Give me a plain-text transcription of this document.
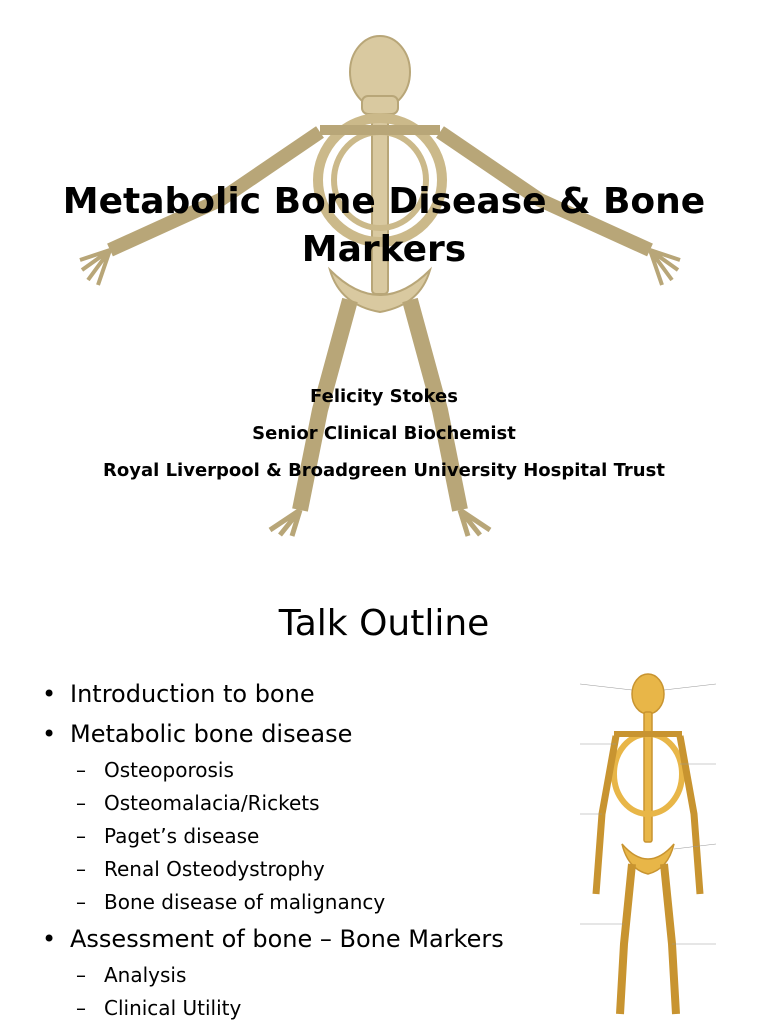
Metabolic Bone Disease & Bone
Markers
Felicity Stokes
Senior Clinical Biochemist
Royal Liverpool & Broadgreen University Hospital Trust
Talk Outline
• Introduction to bone
• Metabolic bone disease
– Osteoporosis
– Osteomalacia/Rickets
– Paget’s disease
– Renal Osteodystrophy
– Bone disease of malignancy
• Assessment of bone – Bone Markers
– Analysis
– Clinical Utility
